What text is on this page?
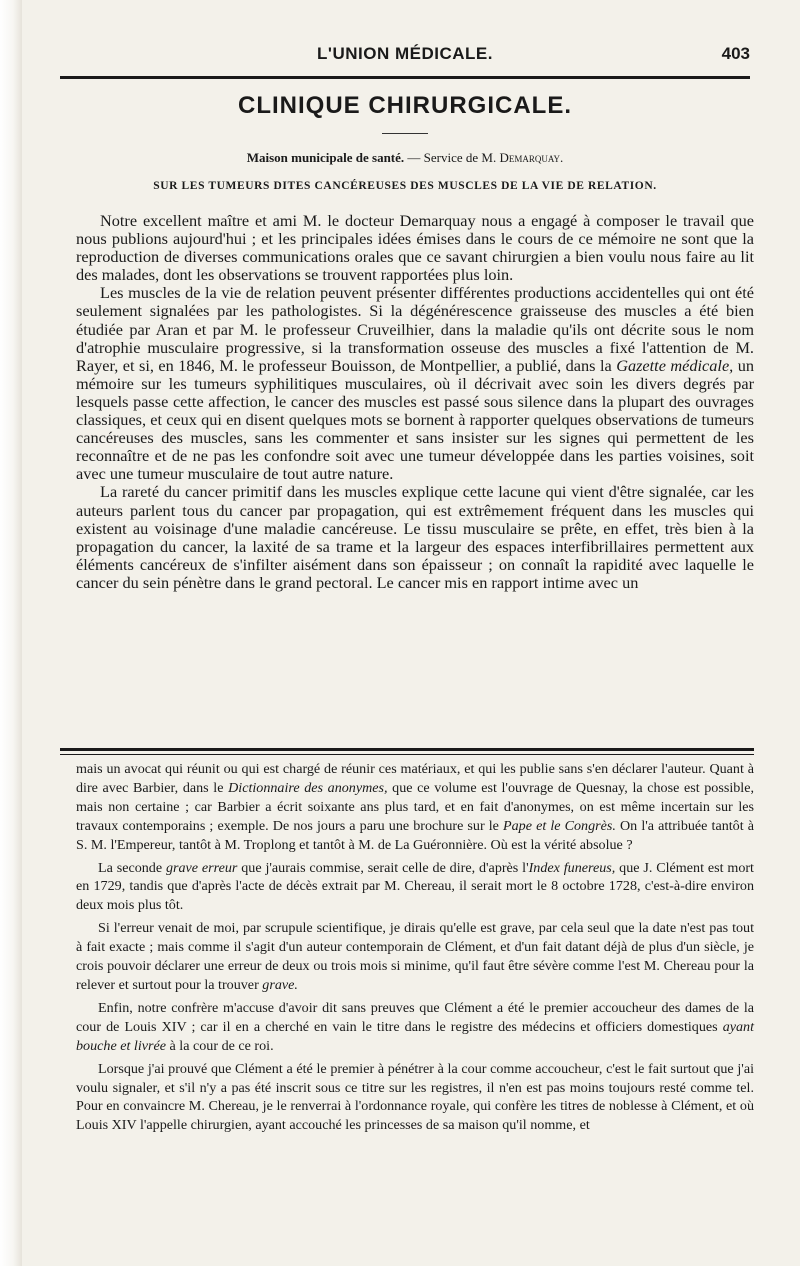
L'UNION MÉDICALE.	403
CLINIQUE CHIRURGICALE.
Maison municipale de santé. — Service de M. Demarquay.
SUR LES TUMEURS DITES CANCÉREUSES DES MUSCLES DE LA VIE DE RELATION.

Notre excellent maître et ami M. le docteur Demarquay nous a engagé à composer le travail que nous publions aujourd'hui ; et les principales idées émises dans le cours de ce mémoire ne sont que la reproduction de diverses communications orales que ce savant chirurgien a bien voulu nous faire au lit des malades, dont les observations se trouvent rapportées plus loin.

Les muscles de la vie de relation peuvent présenter différentes productions accidentelles qui ont été seulement signalées par les pathologistes. Si la dégénérescence graisseuse des muscles a été bien étudiée par Aran et par M. le professeur Cruveilhier, dans la maladie qu'ils ont décrite sous le nom d'atrophie musculaire progressive, si la transformation osseuse des muscles a fixé l'attention de M. Rayer, et si, en 1846, M. le professeur Bouisson, de Montpellier, a publié, dans la Gazette médicale, un mémoire sur les tumeurs syphilitiques musculaires, où il décrivait avec soin les divers degrés par lesquels passe cette affection, le cancer des muscles est passé sous silence dans la plupart des ouvrages classiques, et ceux qui en disent quelques mots se bornent à rapporter quelques observations de tumeurs cancéreuses des muscles, sans les commenter et sans insister sur les signes qui permettent de les reconnaître et de ne pas les confondre soit avec une tumeur développée dans les parties voisines, soit avec une tumeur musculaire de tout autre nature.

La rareté du cancer primitif dans les muscles explique cette lacune qui vient d'être signalée, car les auteurs parlent tous du cancer par propagation, qui est extrêmement fréquent dans les muscles qui existent au voisinage d'une maladie cancéreuse. Le tissu musculaire se prête, en effet, très bien à la propagation du cancer, la laxité de sa trame et la largeur des espaces interfibrillaires permettent aux éléments cancéreux de s'infilter aisément dans son épaisseur ; on connaît la rapidité avec laquelle le cancer du sein pénètre dans le grand pectoral. Le cancer mis en rapport intime avec un

mais un avocat qui réunit ou qui est chargé de réunir ces matériaux, et qui les publie sans s'en déclarer l'auteur. Quant à dire avec Barbier, dans le Dictionnaire des anonymes, que ce volume est l'ouvrage de Quesnay, la chose est possible, mais non certaine ; car Barbier a écrit soixante ans plus tard, et en fait d'anonymes, on est même incertain sur les travaux contemporains ; exemple. De nos jours a paru une brochure sur le Pape et le Congrès. On l'a attribuée tantôt à S. M. l'Empereur, tantôt à M. Troplong et tantôt à M. de La Guéronnière. Où est la vérité absolue ?

La seconde grave erreur que j'aurais commise, serait celle de dire, d'après l'Index funereus, que J. Clément est mort en 1729, tandis que d'après l'acte de décès extrait par M. Chereau, il serait mort le 8 octobre 1728, c'est-à-dire environ deux mois plus tôt.

Si l'erreur venait de moi, par scrupule scientifique, je dirais qu'elle est grave, par cela seul que la date n'est pas tout à fait exacte ; mais comme il s'agit d'un auteur contemporain de Clément, et d'un fait datant déjà de plus d'un siècle, je crois pouvoir déclarer une erreur de deux ou trois mois si minime, qu'il faut être sévère comme l'est M. Chereau pour la relever et surtout pour la trouver grave.

Enfin, notre confrère m'accuse d'avoir dit sans preuves que Clément a été le premier accoucheur des dames de la cour de Louis XIV ; car il en a cherché en vain le titre dans le registre des médecins et officiers domestiques ayant bouche et livrée à la cour de ce roi.

Lorsque j'ai prouvé que Clément a été le premier à pénétrer à la cour comme accoucheur, c'est le fait surtout que j'ai voulu signaler, et s'il n'y a pas été inscrit sous ce titre sur les registres, il n'en est pas moins toujours resté comme tel. Pour en convaincre M. Chereau, je le renverrai à l'ordonnance royale, qui confère les titres de noblesse à Clément, et où Louis XIV l'appelle chirurgien, ayant accouché les princesses de sa maison qu'il nomme, et
